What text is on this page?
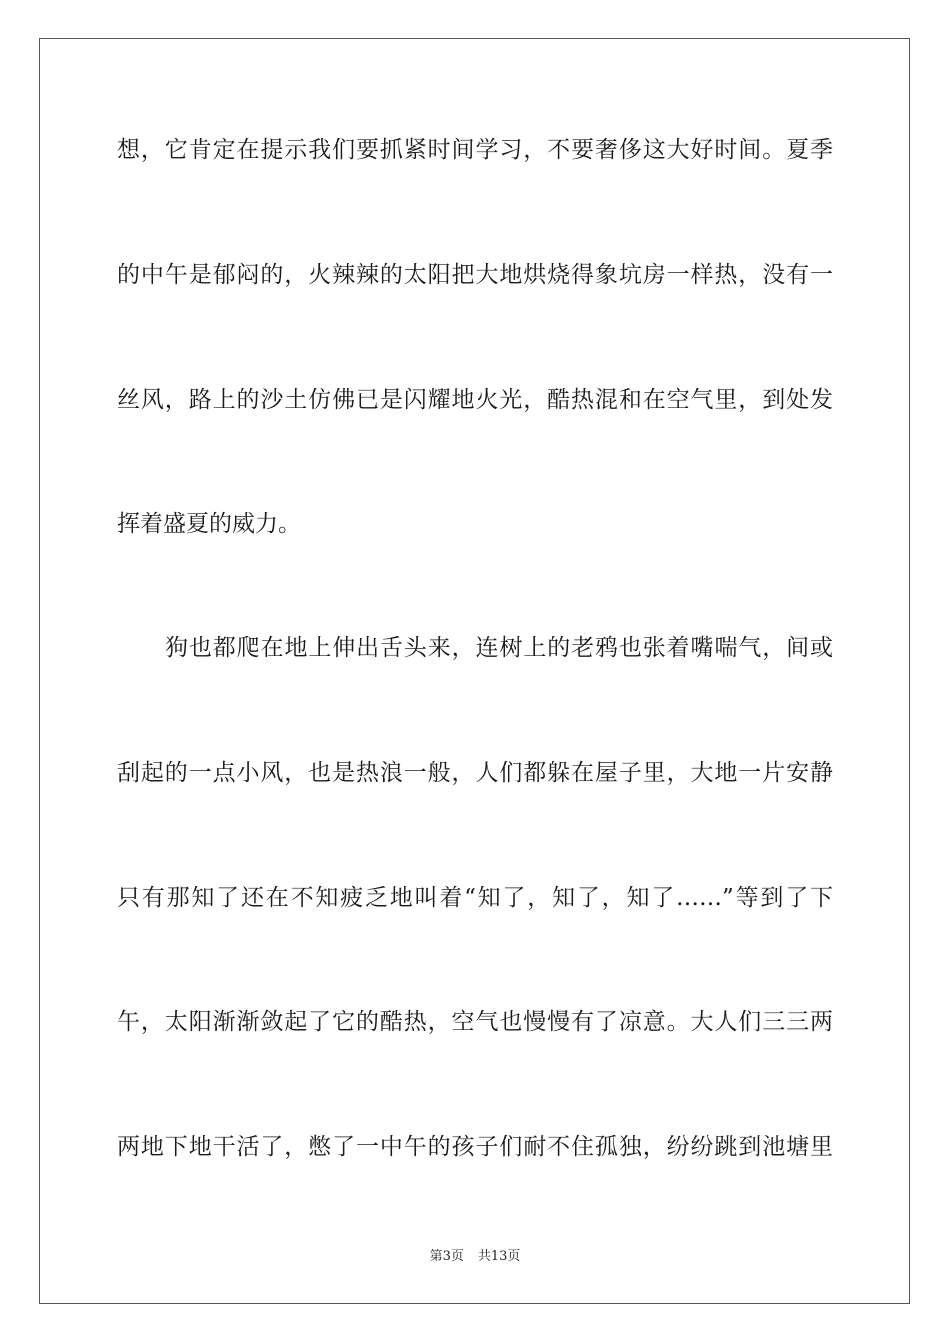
想，它肯定在提示我们要抓紧时间学习，不要奢侈这大好时间。夏季
的中午是郁闷的，火辣辣的太阳把大地烘烧得象坑房一样热，没有一
丝风，路上的沙土仿佛已是闪耀地火光，酷热混和在空气里，到处发
挥着盛夏的威力。
狗也都爬在地上伸出舌头来，连树上的老鸦也张着嘴喘气，间或
刮起的一点小风，也是热浪一般，人们都躲在屋子里，大地一片安静
只有那知了还在不知疲乏地叫着“知了，知了，知了……”等到了下
午，太阳渐渐敛起了它的酷热，空气也慢慢有了凉意。大人们三三两
两地下地干活了，憋了一中午的孩子们耐不住孤独，纷纷跳到池塘里
第3页 共13页
